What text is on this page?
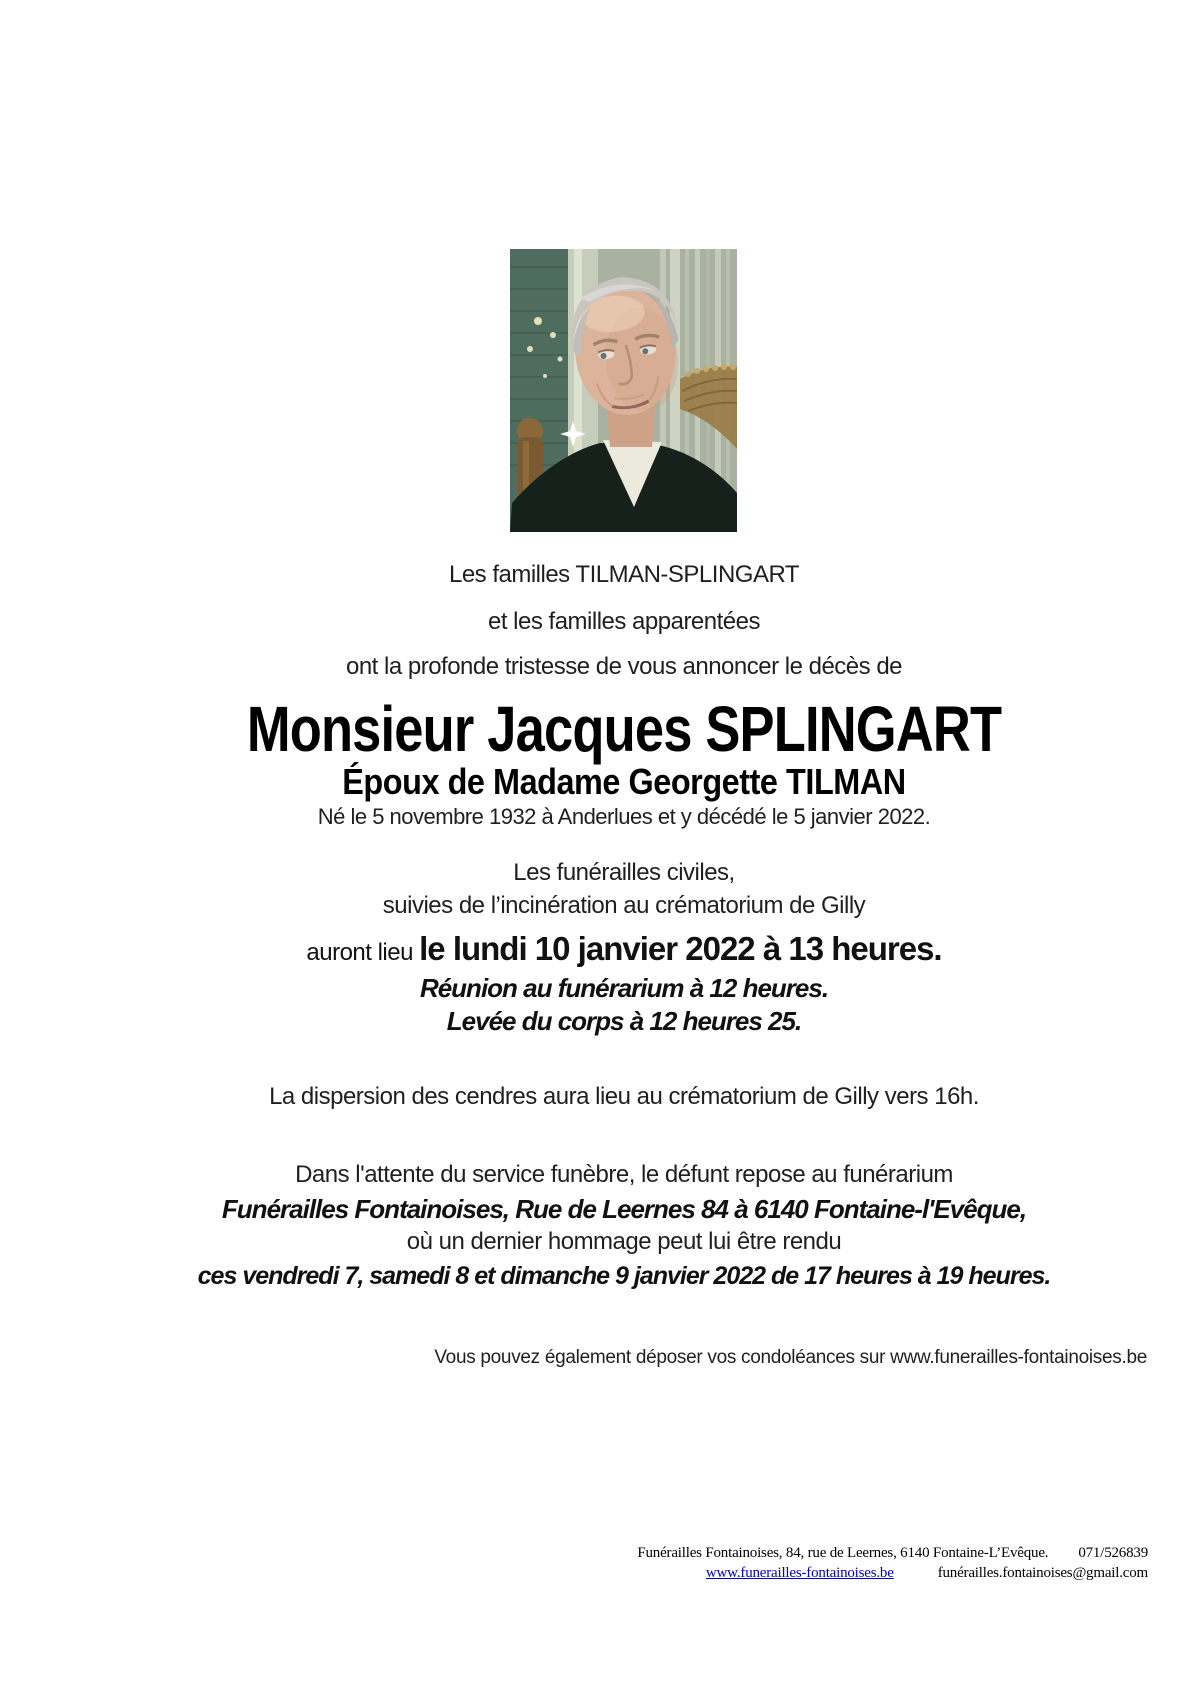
Les familles TILMAN-SPLINGART
et les familles apparentées
ont la profonde tristesse de vous annoncer le décès de
Monsieur Jacques SPLINGART
Époux de Madame Georgette TILMAN
Né le 5 novembre 1932 à Anderlues et y décédé le 5 janvier 2022.
Les funérailles civiles,
suivies de l’incinération au crématorium de Gilly
auront lieu le lundi 10 janvier 2022 à 13 heures.
Réunion au funérarium à 12 heures.
Levée du corps à 12 heures 25.
La dispersion des cendres aura lieu au crématorium de Gilly vers 16h.
Dans l'attente du service funèbre, le défunt repose au funérarium
Funérailles Fontainoises, Rue de Leernes 84 à 6140 Fontaine-l'Evêque,
où un dernier hommage peut lui être rendu
ces vendredi 7, samedi 8 et dimanche 9 janvier 2022 de 17 heures à 19 heures.
Vous pouvez également déposer vos condoléances sur www.funerailles-fontainoises.be
Funérailles Fontainoises, 84, rue de Leernes, 6140 Fontaine-L’Evêque. 071/526839
www.funerailles-fontainoises.be	funérailles.fontainoises@gmail.com
